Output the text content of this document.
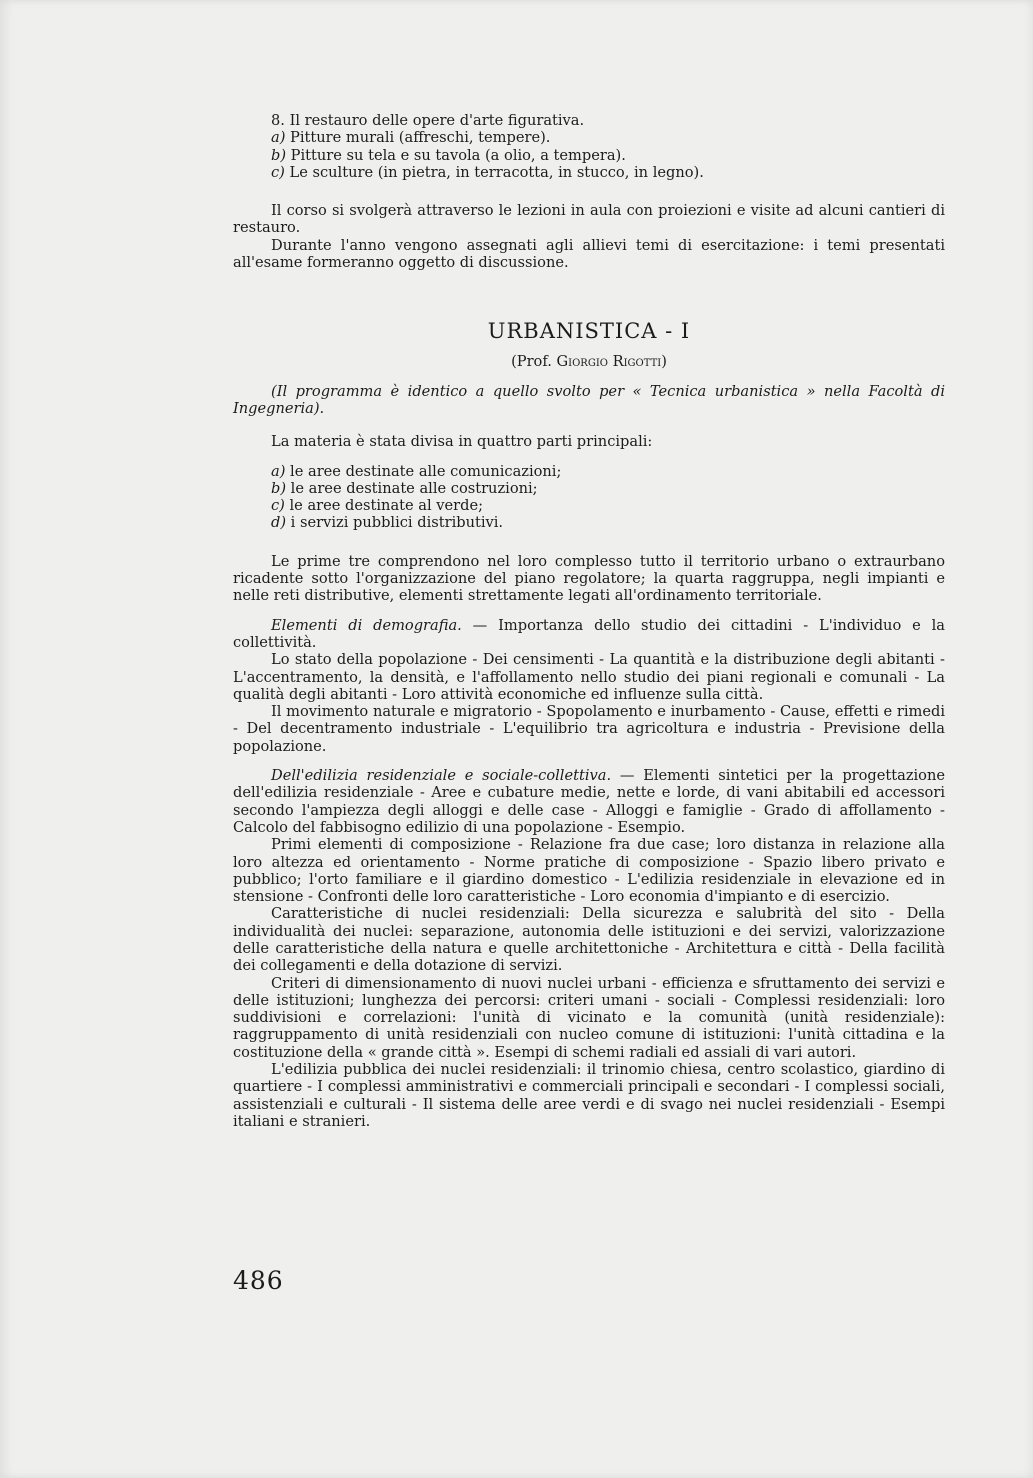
8. Il restauro delle opere d'arte figurativa.

a) Pitture murali (affreschi, tempere).

b) Pitture su tela e su tavola (a olio, a tempera).

c) Le sculture (in pietra, in terracotta, in stucco, in legno).

Il corso si svolgerà attraverso le lezioni in aula con proiezioni e visite ad alcuni cantieri di restauro.

Durante l'anno vengono assegnati agli allievi temi di esercitazione: i temi presentati all'esame formeranno oggetto di discussione.

URBANISTICA - I

(Prof. Giorgio Rigotti)

(Il programma è identico a quello svolto per « Tecnica urbanistica » nella Facoltà di Ingegneria).

La materia è stata divisa in quattro parti principali:

a) le aree destinate alle comunicazioni;

b) le aree destinate alle costruzioni;

c) le aree destinate al verde;

d) i servizi pubblici distributivi.

Le prime tre comprendono nel loro complesso tutto il territorio urbano o extraurbano ricadente sotto l'organizzazione del piano regolatore; la quarta raggruppa, negli impianti e nelle reti distributive, elementi strettamente legati all'ordinamento territoriale.

Elementi di demografia. — Importanza dello studio dei cittadini - L'individuo e la collettività.

Lo stato della popolazione - Dei censimenti - La quantità e la distribuzione degli abitanti - L'accentramento, la densità, e l'affollamento nello studio dei piani regionali e comunali - La qualità degli abitanti - Loro attività economiche ed influenze sulla città.

Il movimento naturale e migratorio - Spopolamento e inurbamento - Cause, effetti e rimedi - Del decentramento industriale - L'equilibrio tra agricoltura e industria - Previsione della popolazione.

Dell'edilizia residenziale e sociale-collettiva. — Elementi sintetici per la progettazione dell'edilizia residenziale - Aree e cubature medie, nette e lorde, di vani abitabili ed accessori secondo l'ampiezza degli alloggi e delle case - Alloggi e famiglie - Grado di affollamento - Calcolo del fabbisogno edilizio di una popolazione - Esempio.

Primi elementi di composizione - Relazione fra due case; loro distanza in relazione alla loro altezza ed orientamento - Norme pratiche di composizione - Spazio libero privato e pubblico; l'orto familiare e il giardino domestico - L'edilizia residenziale in elevazione ed in stensione - Confronti delle loro caratteristiche - Loro economia d'impianto e di esercizio.

Caratteristiche di nuclei residenziali: Della sicurezza e salubrità del sito - Della individualità dei nuclei: separazione, autonomia delle istituzioni e dei servizi, valorizzazione delle caratteristiche della natura e quelle architettoniche - Architettura e città - Della facilità dei collegamenti e della dotazione di servizi.

Criteri di dimensionamento di nuovi nuclei urbani - efficienza e sfruttamento dei servizi e delle istituzioni; lunghezza dei percorsi: criteri umani - sociali - Complessi residenziali: loro suddivisioni e correlazioni: l'unità di vicinato e la comunità (unità residenziale): raggruppamento di unità residenziali con nucleo comune di istituzioni: l'unità cittadina e la costituzione della « grande città ». Esempi di schemi radiali ed assiali di vari autori.

L'edilizia pubblica dei nuclei residenziali: il trinomio chiesa, centro scolastico, giardino di quartiere - I complessi amministrativi e commerciali principali e secondari - I complessi sociali, assistenziali e culturali - Il sistema delle aree verdi e di svago nei nuclei residenziali - Esempi italiani e stranieri.

486
